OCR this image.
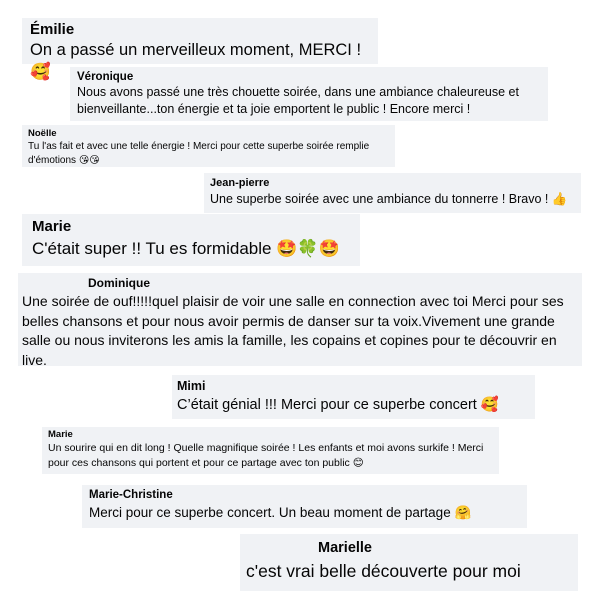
Émilie
On a passé un merveilleux moment, MERCI ! 🥰	Véronique
Nous avons passé une très chouette soirée, dans une ambiance chaleureuse et bienveillante...ton énergie et ta joie emportent le public ! Encore merci !
Noëlle
Tu l'as fait et avec une telle énergie ! Merci pour cette superbe soirée remplie d'émotions 😘😘
Jean-pierre
Une superbe soirée avec une ambiance du tonnerre ! Bravo ! 👍
Marie
C'était super !! Tu es formidable 🤩🍀🤩
Dominique
Une soirée de ouf!!!!!quel plaisir de voir une salle en connection avec toi Merci pour ses belles chansons et pour nous avoir permis de danser sur ta voix.Vivement une grande salle ou nous inviterons les amis la famille, les copains et copines pour te découvrir en live.
Mimi
C’était génial !!! Merci pour ce superbe concert 🥰
Marie
Un sourire qui en dit long ! Quelle magnifique soirée ! Les enfants et moi avons surkife ! Merci pour ces chansons qui portent et pour ce partage avec ton public 😊
Marie-Christine
Merci pour ce superbe concert. Un beau moment de partage 🤗
Marielle
c'est vrai belle découverte pour moi
